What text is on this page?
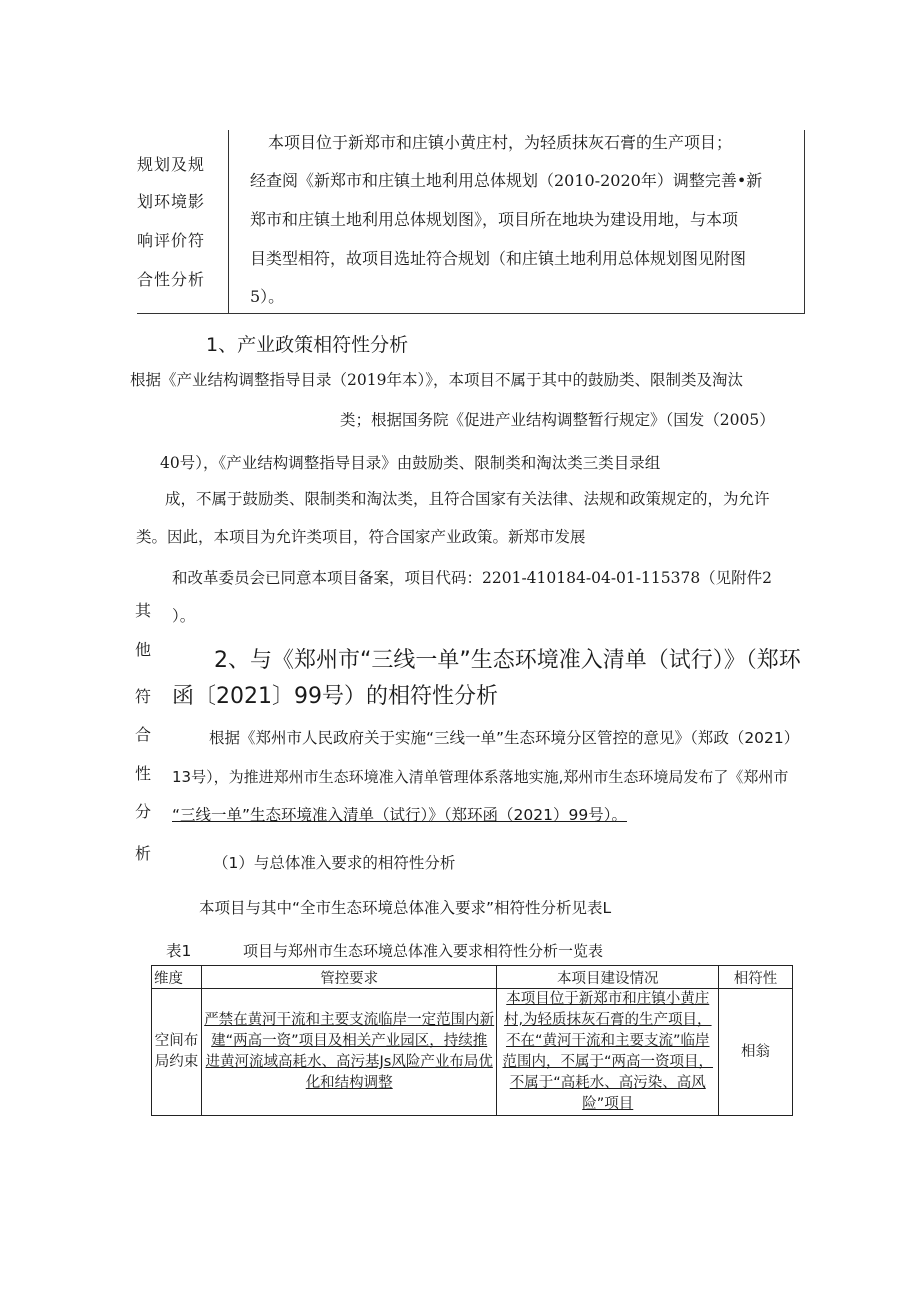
规划及规
划环境影
响评价符
合性分析
本项目位于新郑市和庄镇小黄庄村，为轻质抹灰石膏的生产项目；
经查阅《新郑市和庄镇土地利用总体规划（2010-2020年）调整完善•新
郑市和庄镇土地利用总体规划图》，项目所在地块为建设用地，与本项
目类型相符，故项目选址符合规划（和庄镇土地利用总体规划图见附图
5）。
其
他
符
合
性
分
析
1、产业政策相符性分析
根据《产业结构调整指导目录（2019年本）》，本项目不属于其中的鼓励类、限制类及淘汰
类；根据国务院《促进产业结构调整暂行规定》（国发（2005）
40号），《产业结构调整指导目录》由鼓励类、限制类和淘汰类三类目录组
成，不属于鼓励类、限制类和淘汰类，且符合国家有关法律、法规和政策规定的，为允许
类。因此，本项目为允许类项目，符合国家产业政策。新郑市发展
和改革委员会已同意本项目备案，项目代码：2201-410184-04-01-115378（见附件2
）。
2、与《郑州市“三线一单”生态环境准入清单（试行）》（郑环
函〔2021〕99号）的相符性分析
根据《郑州市人民政府关于实施“三线一单”生态环境分区管控的意见》（郑政（2021）
13号），为推进郑州市生态环境准入清单管理体系落地实施,郑州市生态环境局发布了《郑州市
“三线一单”生态环境准入清单（试行）》（郑环函（2021）99号）。
（1）与总体准入要求的相符性分析
本项目与其中“全市生态环境总体准入要求”相符性分析见表L
表1	项目与郑州市生态环境总体准入要求相符性分析一览表
维度	管控要求	本项目建设情况	相符性
空间布局约束	严禁在黄河干流和主要支流临岸一定范围内新建“两高一资”项目及相关产业园区，持续推进黄河流域高耗水、高污基Js风险产业布局优化和结构调整	本项目位于新郑市和庄镇小黄庄村,为轻质抹灰石膏的生产项目，不在“黄河干流和主要支流”临岸范围内，不属于“两高一资项目，不属于“高耗水、高污染、高风险”项目	相翁
